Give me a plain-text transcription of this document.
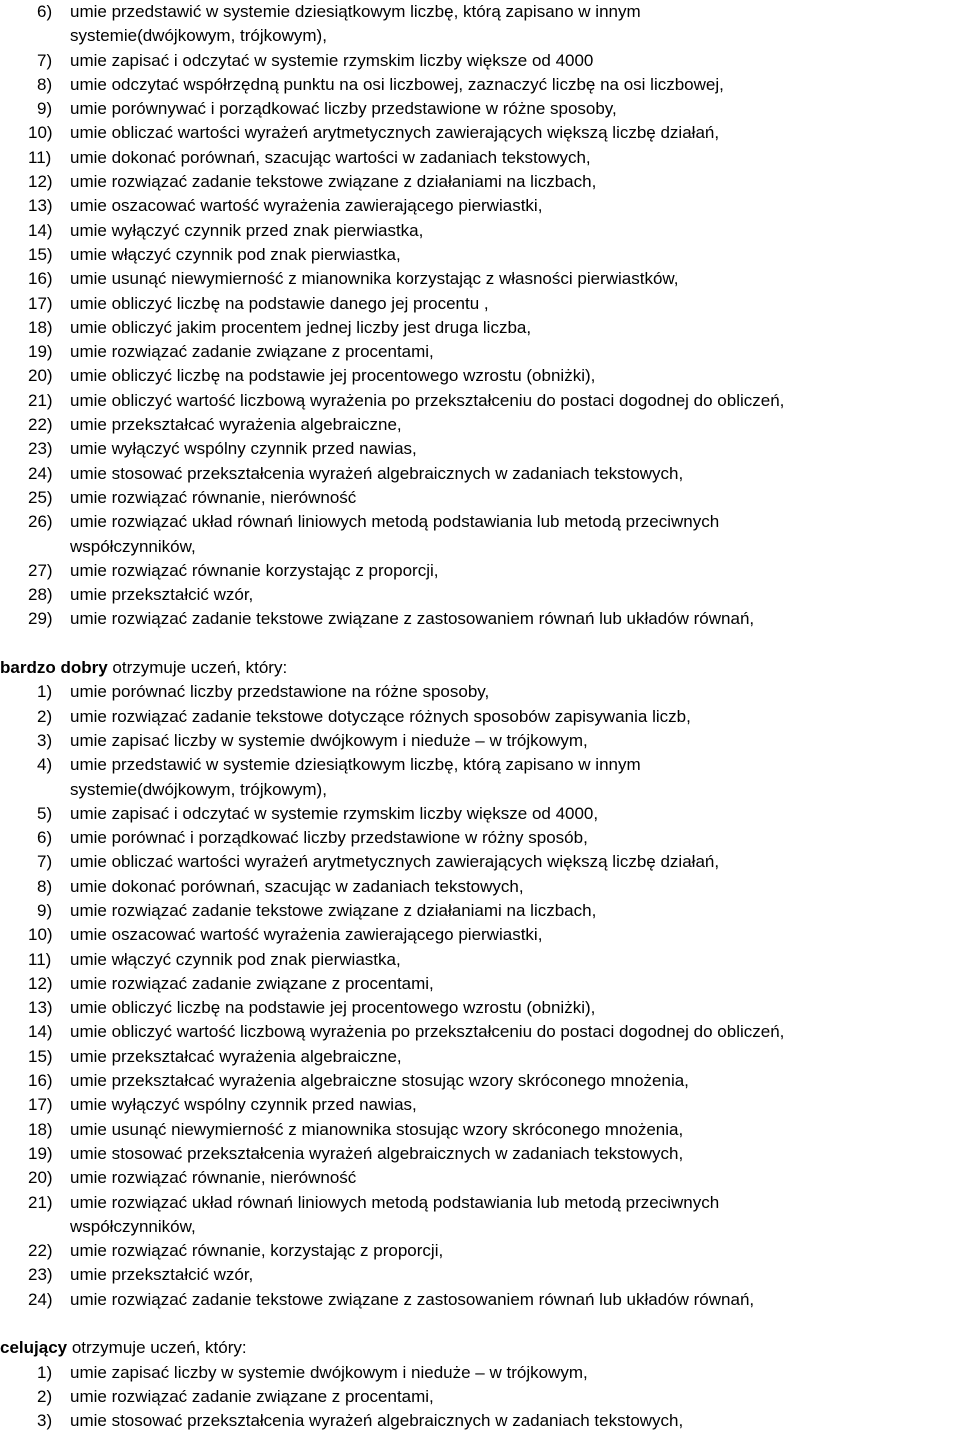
6)	umie przedstawić w systemie dziesiątkowym liczbę, którą zapisano w innym
systemie(dwójkowym, trójkowym),
7)	umie zapisać i odczytać w systemie rzymskim liczby większe od 4000
8)	umie odczytać współrzędną punktu na osi liczbowej, zaznaczyć liczbę na osi liczbowej,
9)	umie porównywać i porządkować liczby przedstawione w różne sposoby,
10)	umie obliczać wartości wyrażeń arytmetycznych zawierających większą liczbę działań,
11)	umie dokonać porównań, szacując wartości w zadaniach tekstowych,
12)	umie rozwiązać zadanie tekstowe związane z działaniami na liczbach,
13)	umie oszacować wartość wyrażenia zawierającego pierwiastki,
14)	umie wyłączyć czynnik przed znak pierwiastka,
15)	umie włączyć czynnik pod znak pierwiastka,
16)	umie usunąć niewymierność z mianownika korzystając z własności pierwiastków,
17)	umie obliczyć liczbę na podstawie danego jej procentu ,
18)	umie obliczyć jakim procentem jednej liczby jest druga liczba,
19)	umie rozwiązać zadanie związane z procentami,
20)	umie obliczyć liczbę na podstawie jej procentowego wzrostu (obniżki),
21)	umie obliczyć wartość liczbową wyrażenia po przekształceniu do postaci dogodnej do obliczeń,
22)	umie przekształcać wyrażenia algebraiczne,
23)	umie wyłączyć wspólny czynnik przed nawias,
24)	umie stosować przekształcenia wyrażeń algebraicznych w zadaniach tekstowych,
25)	umie rozwiązać równanie, nierówność
26)	umie rozwiązać układ równań liniowych metodą podstawiania lub metodą przeciwnych
współczynników,
27)	umie rozwiązać równanie korzystając z proporcji,
28)	umie przekształcić wzór,
29)	umie rozwiązać zadanie tekstowe związane z zastosowaniem równań lub układów równań,
bardzo dobry otrzymuje uczeń, który:
1)	umie porównać liczby przedstawione na różne sposoby,
2)	umie rozwiązać zadanie tekstowe dotyczące różnych sposobów zapisywania liczb,
3)	umie zapisać liczby w systemie dwójkowym i nieduże – w trójkowym,
4)	umie przedstawić w systemie dziesiątkowym liczbę, którą zapisano w innym
systemie(dwójkowym, trójkowym),
5)	umie zapisać i odczytać w systemie rzymskim liczby większe od 4000,
6)	umie porównać i porządkować liczby przedstawione w różny sposób,
7)	umie obliczać wartości wyrażeń arytmetycznych zawierających większą liczbę działań,
8)	umie dokonać porównań, szacując w zadaniach tekstowych,
9)	umie rozwiązać zadanie tekstowe związane z działaniami na liczbach,
10)	umie oszacować wartość wyrażenia zawierającego pierwiastki,
11)	umie włączyć czynnik pod znak pierwiastka,
12)	umie rozwiązać zadanie związane z procentami,
13)	umie obliczyć liczbę na podstawie jej procentowego wzrostu (obniżki),
14)	umie obliczyć wartość liczbową wyrażenia po przekształceniu do postaci dogodnej do obliczeń,
15)	umie przekształcać wyrażenia algebraiczne,
16)	umie przekształcać wyrażenia algebraiczne stosując wzory skróconego mnożenia,
17)	umie wyłączyć wspólny czynnik przed nawias,
18)	umie usunąć niewymierność z mianownika stosując wzory skróconego mnożenia,
19)	umie stosować przekształcenia wyrażeń algebraicznych w zadaniach tekstowych,
20)	umie rozwiązać równanie, nierówność
21)	umie rozwiązać układ równań liniowych metodą podstawiania lub metodą przeciwnych
współczynników,
22)	umie rozwiązać równanie, korzystając z proporcji,
23)	umie przekształcić wzór,
24)	umie rozwiązać zadanie tekstowe związane z zastosowaniem równań lub układów równań,
celujący otrzymuje uczeń, który:
1)	umie zapisać liczby w systemie dwójkowym i nieduże – w trójkowym,
2)	umie rozwiązać zadanie związane z procentami,
3)	umie stosować przekształcenia wyrażeń algebraicznych w zadaniach tekstowych,
